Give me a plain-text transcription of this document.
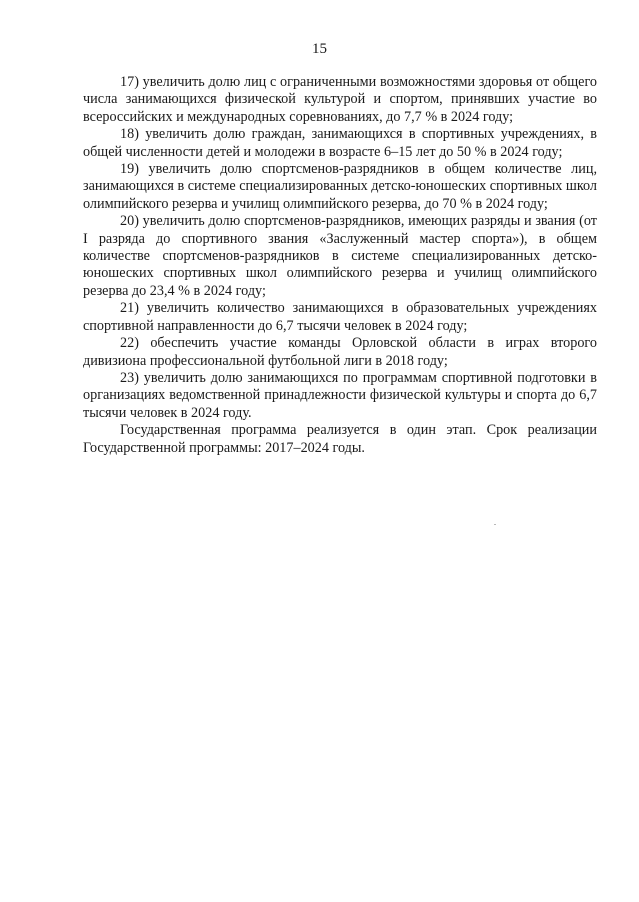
15

17) увеличить долю лиц с ограниченными возможностями здоровья от общего числа занимающихся физической культурой и спортом, принявших участие во всероссийских и международных соревнованиях, до 7,7 % в 2024 году;

18) увеличить долю граждан, занимающихся в спортивных учреждениях, в общей численности детей и молодежи в возрасте 6–15 лет до 50 % в 2024 году;

19) увеличить долю спортсменов-разрядников в общем количестве лиц, занимающихся в системе специализированных детско-юношеских спортивных школ олимпийского резерва и училищ олимпийского резерва, до 70 % в 2024 году;

20) увеличить долю спортсменов-разрядников, имеющих разряды и звания (от I разряда до спортивного звания «Заслуженный мастер спорта»), в общем количестве спортсменов-разрядников в системе специализированных детско-юношеских спортивных школ олимпийского резерва и училищ олимпийского резерва до 23,4 % в 2024 году;

21) увеличить количество занимающихся в образовательных учреждениях спортивной направленности до 6,7 тысячи человек в 2024 году;

22) обеспечить участие команды Орловской области в играх второго дивизиона профессиональной футбольной лиги в 2018 году;

23) увеличить долю занимающихся по программам спортивной подготовки в организациях ведомственной принадлежности физической культуры и спорта до 6,7 тысячи человек в 2024 году.

Государственная программа реализуется в один этап. Срок реализации Государственной программы: 2017–2024 годы.
